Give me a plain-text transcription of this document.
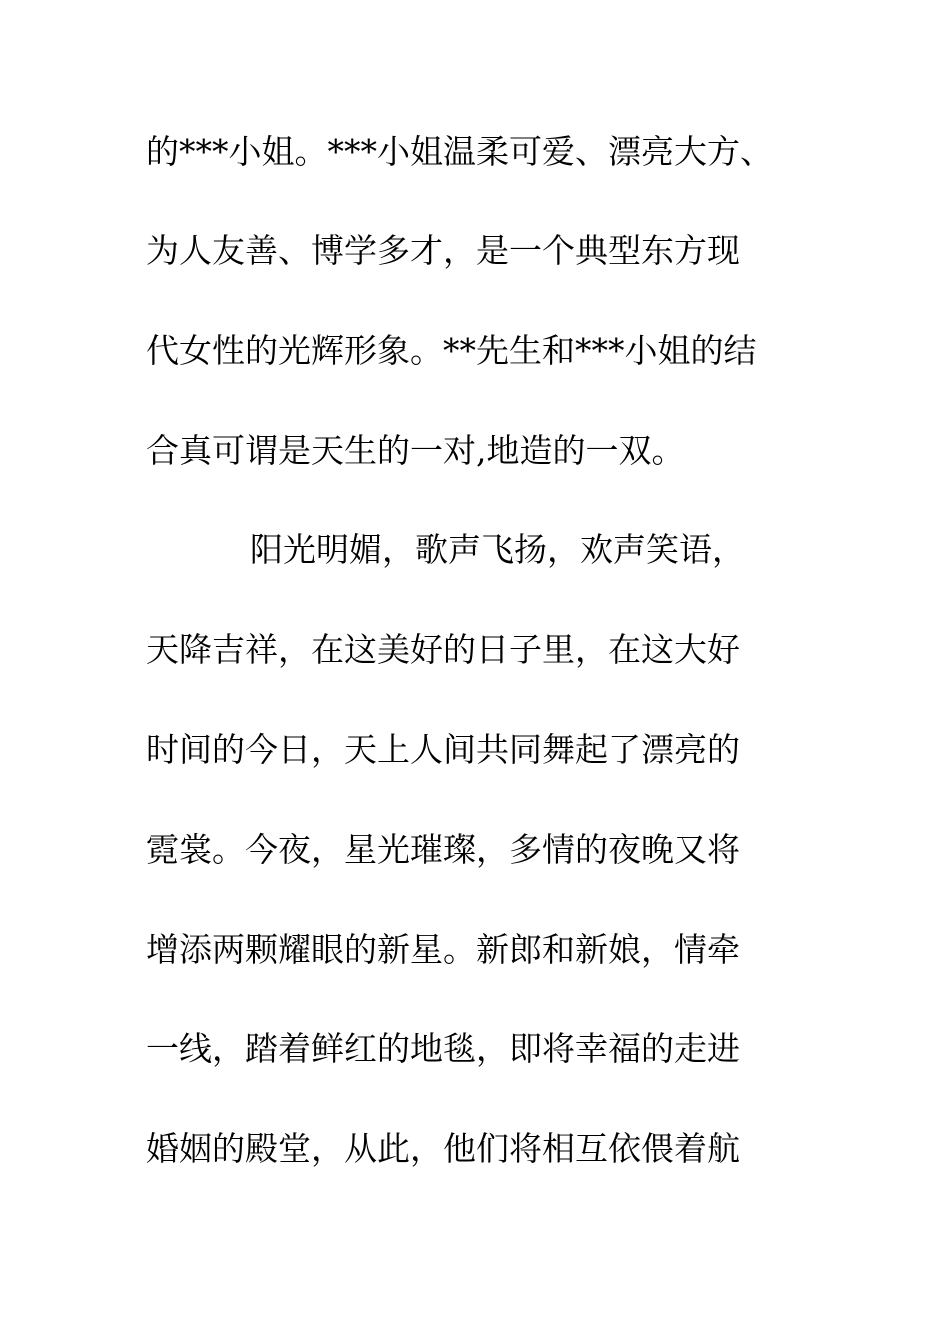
的***小姐。***小姐温柔可爱、漂亮大方、
为人友善、博学多才，是一个典型东方现
代女性的光辉形象。**先生和***小姐的结
合真可谓是天生的一对,地造的一双。
阳光明媚，歌声飞扬，欢声笑语，
天降吉祥，在这美好的日子里，在这大好
时间的今日，天上人间共同舞起了漂亮的
霓裳。今夜，星光璀璨，多情的夜晚又将
增添两颗耀眼的新星。新郎和新娘，情牵
一线，踏着鲜红的地毯，即将幸福的走进
婚姻的殿堂，从此，他们将相互依偎着航
